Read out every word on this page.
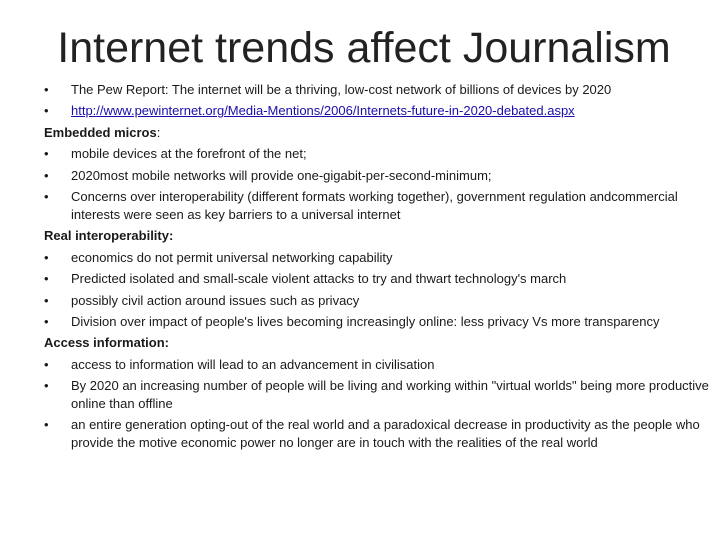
Internet trends affect Journalism
•	The Pew Report: The internet will be a thriving, low-cost network of billions of devices by 2020
•	http://www.pewinternet.org/Media-Mentions/2006/Internets-future-in-2020-debated.aspx
Embedded micros:
•	mobile devices at the forefront of the net;
•	2020most mobile networks will provide one-gigabit-per-second-minimum;
•	Concerns over interoperability (different formats working together), government regulation andcommercial interests were seen as key barriers to a universal internet
Real interoperability:
•	economics do not permit universal networking capability
•	Predicted isolated and small-scale violent attacks to try and thwart technology's march
•	possibly civil action around issues such as privacy
•	Division over impact of people's lives becoming increasingly online: less privacy Vs more transparency
Access information:
•	access to information will lead to an advancement in civilisation
•	By 2020 an increasing number of people will be living and working within "virtual worlds" being more productive online than offline
•	an entire generation opting-out of the real world and a paradoxical decrease in productivity as the people who provide the motive economic power no longer are in touch with the realities of the real world
